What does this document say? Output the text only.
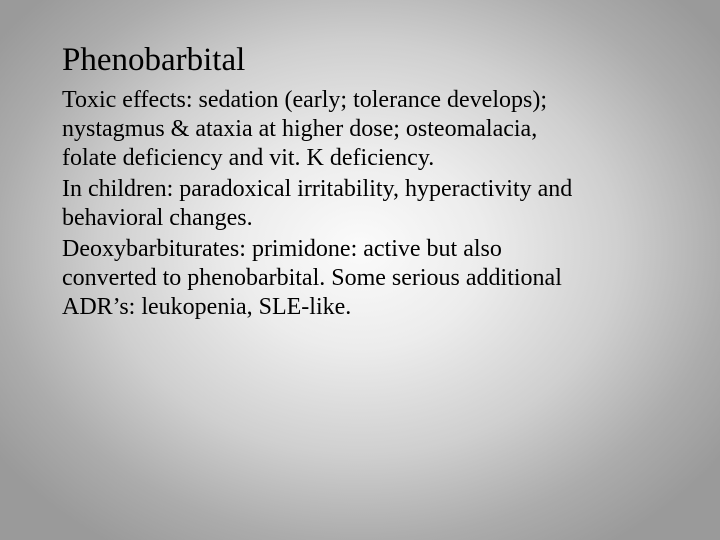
Phenobarbital
Toxic effects: sedation (early; tolerance develops);
nystagmus & ataxia at higher dose; osteomalacia,
folate deficiency and vit. K deficiency.
In children: paradoxical irritability, hyperactivity and
behavioral changes.
Deoxybarbiturates: primidone: active but also
converted to phenobarbital. Some serious additional
ADR’s: leukopenia, SLE-like.
